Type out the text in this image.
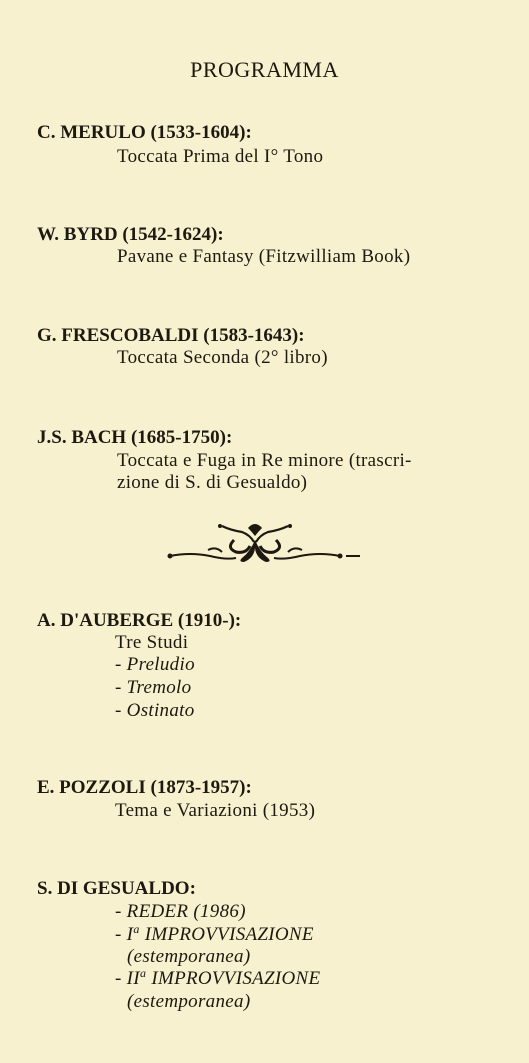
PROGRAMMA
C. MERULO (1533-1604):
Toccata Prima del I° Tono
W. BYRD (1542-1624):
Pavane e Fantasy (Fitzwilliam Book)
G. FRESCOBALDI (1583-1643):
Toccata Seconda (2° libro)
J.S. BACH (1685-1750):
Toccata e Fuga in Re minore (trascri-
zione di S. di Gesualdo)
A. D'AUBERGE (1910-):
Tre Studi
- Preludio
- Tremolo
- Ostinato
E. POZZOLI (1873-1957):
Tema e Variazioni (1953)
S. DI GESUALDO:
- REDER (1986)
- $I^a$ IMPROVVISAZIONE
(estemporanea)
- $II^a$ IMPROVVISAZIONE
(estemporanea)
